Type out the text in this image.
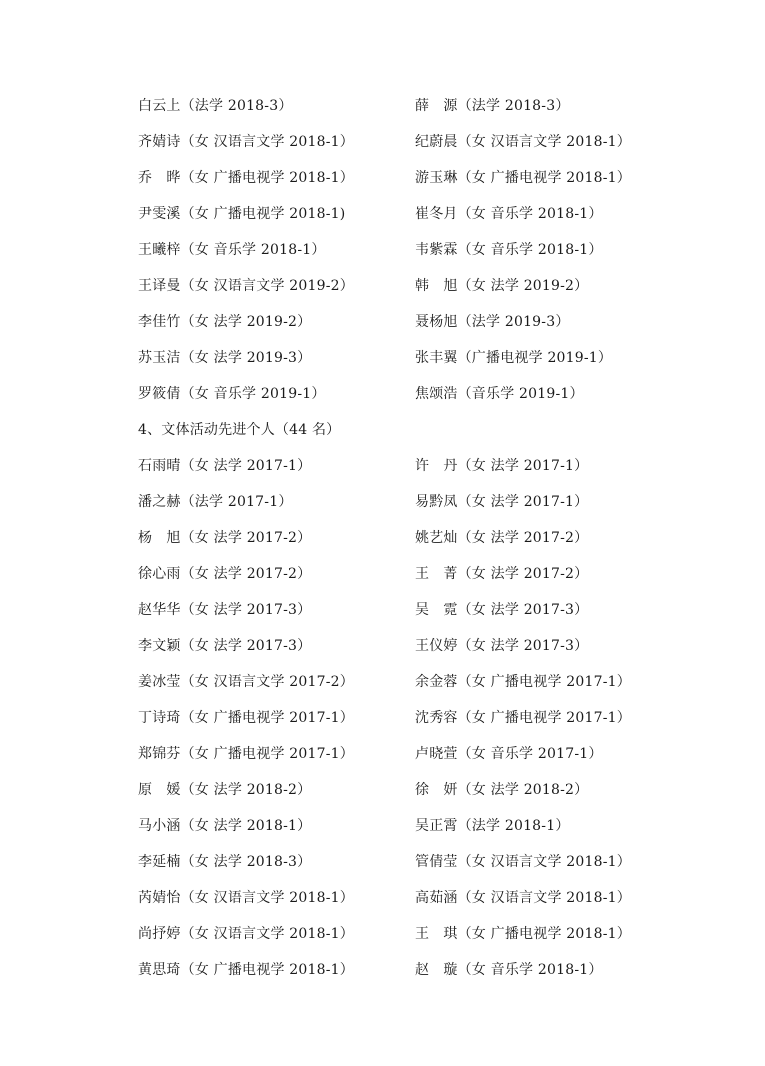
白云上（法学 2018-3）	薛　源（法学 2018-3）
齐婧诗（女 汉语言文学 2018-1）	纪蔚晨（女 汉语言文学 2018-1）
乔　晔（女 广播电视学 2018-1）	游玉琳（女 广播电视学 2018-1）
尹雯溪（女 广播电视学 2018-1)	崔冬月（女 音乐学 2018-1）
王曦梓（女 音乐学 2018-1）	韦紫霖（女 音乐学 2018-1）
王译曼（女 汉语言文学 2019-2）	韩　旭（女 法学 2019-2）
李佳竹（女 法学 2019-2）	聂杨旭（法学 2019-3）
苏玉洁（女 法学 2019-3）	张丰翼（广播电视学 2019-1）
罗筱倩（女 音乐学 2019-1）	焦颂浩（音乐学 2019-1）
4、文体活动先进个人（44 名）
石雨晴（女 法学 2017-1）	许　丹（女 法学 2017-1）
潘之赫（法学 2017-1）	易黔凤（女 法学 2017-1）
杨　旭（女 法学 2017-2）	姚艺灿（女 法学 2017-2）
徐心雨（女 法学 2017-2）	王　菁（女 法学 2017-2）
赵华华（女 法学 2017-3）	吴　霓（女 法学 2017-3）
李文颖（女 法学 2017-3）	王仪婷（女 法学 2017-3）
姜冰莹（女 汉语言文学 2017-2）	余金蓉（女 广播电视学 2017-1）
丁诗琦（女 广播电视学 2017-1）	沈秀容（女 广播电视学 2017-1）
郑锦芬（女 广播电视学 2017-1）	卢晓萱（女 音乐学 2017-1）
原　媛（女 法学 2018-2）	徐　妍（女 法学 2018-2）
马小涵（女 法学 2018-1）	吴正霄（法学 2018-1）
李延楠（女 法学 2018-3）	管倩莹（女 汉语言文学 2018-1）
芮婧怡（女 汉语言文学 2018-1）	高茹涵（女 汉语言文学 2018-1）
尚抒婷（女 汉语言文学 2018-1）	王　琪（女 广播电视学 2018-1）
黄思琦（女 广播电视学 2018-1）	赵　璇（女 音乐学 2018-1）
